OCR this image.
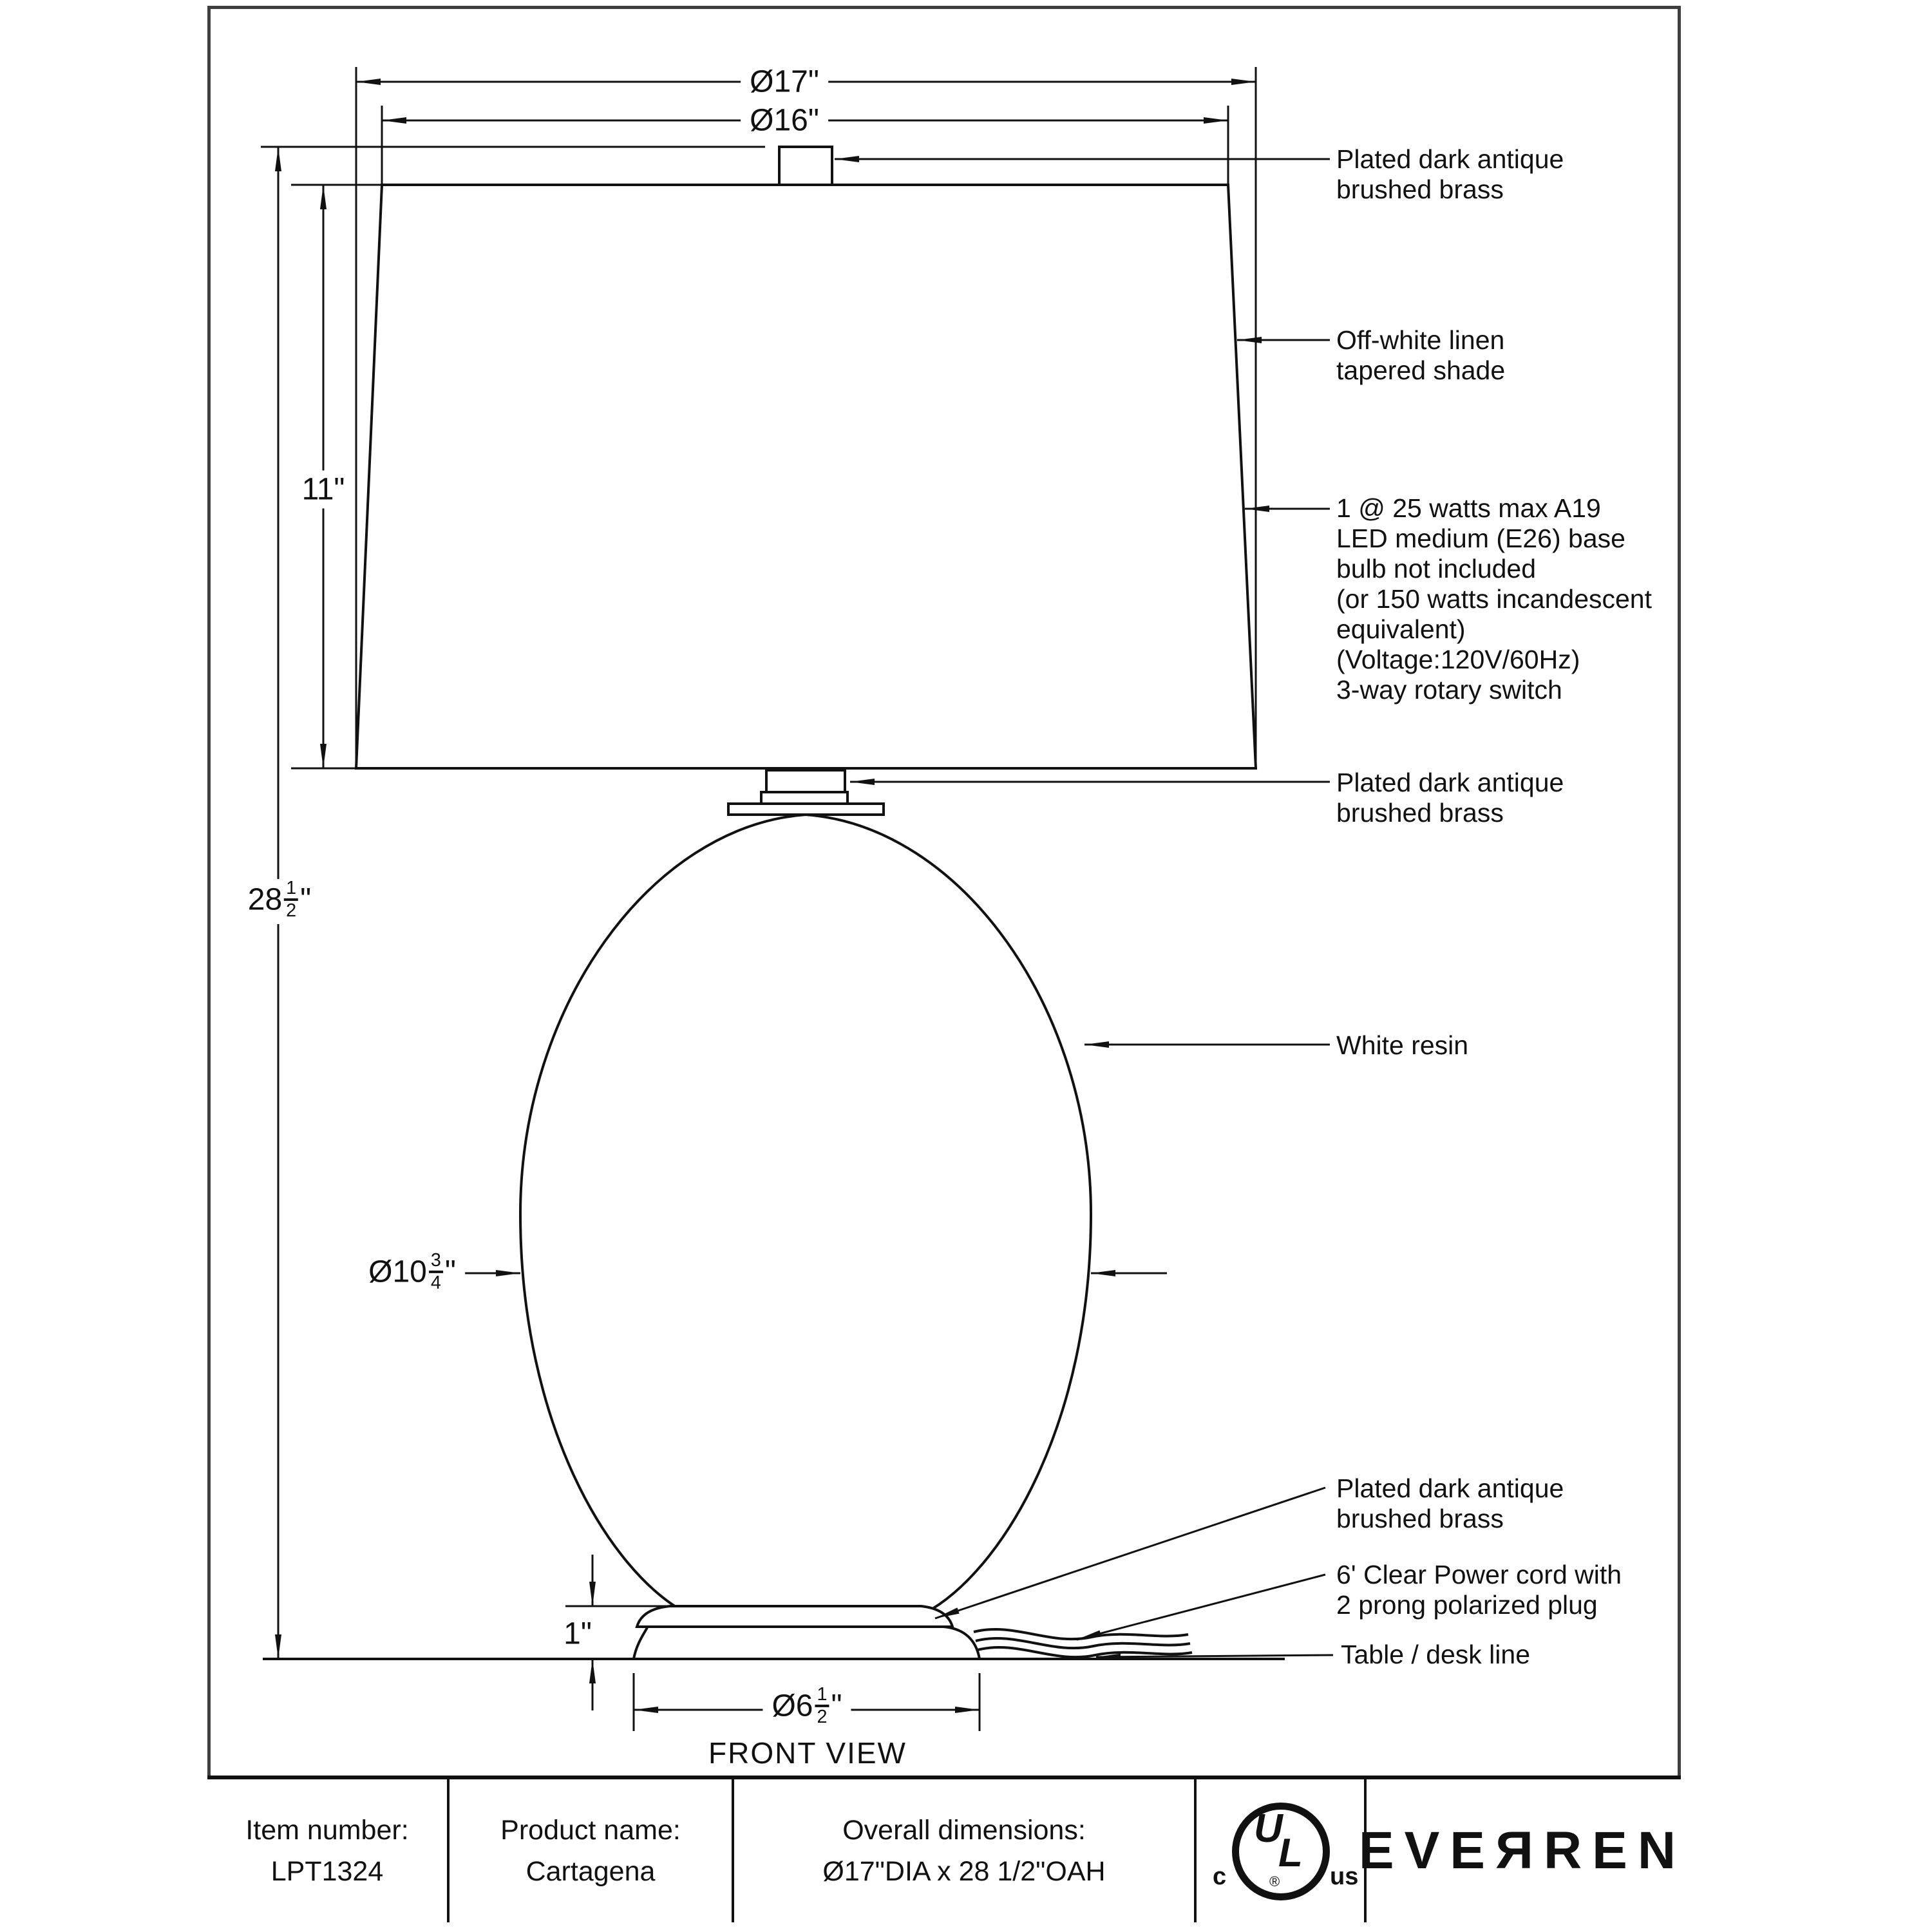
Ø17"
Ø16"
11"
$28 \frac{1}{2}$ "
Ø10 $\frac{3}{4}$ "
1"
Ø6 $\frac{1}{2}$ "
Plated dark antique
brushed brass
Off-white linen
tapered shade
1 @ 25 watts max A19
LED medium (E26) base
bulb not included
(or 150 watts incandescent
equivalent)
(Voltage:120V/60Hz)
3-way rotary switch
Plated dark antique
brushed brass
White resin
Plated dark antique
brushed brass
6' Clear Power cord with
2 prong polarized plug
Table / desk line
FRONT VIEW
Item number:
LPT1324
Product name:
Cartagena
Overall dimensions:
Ø17"DIA x 28 1/2"OAH
U
L
c	us
®
EVEЯREN
